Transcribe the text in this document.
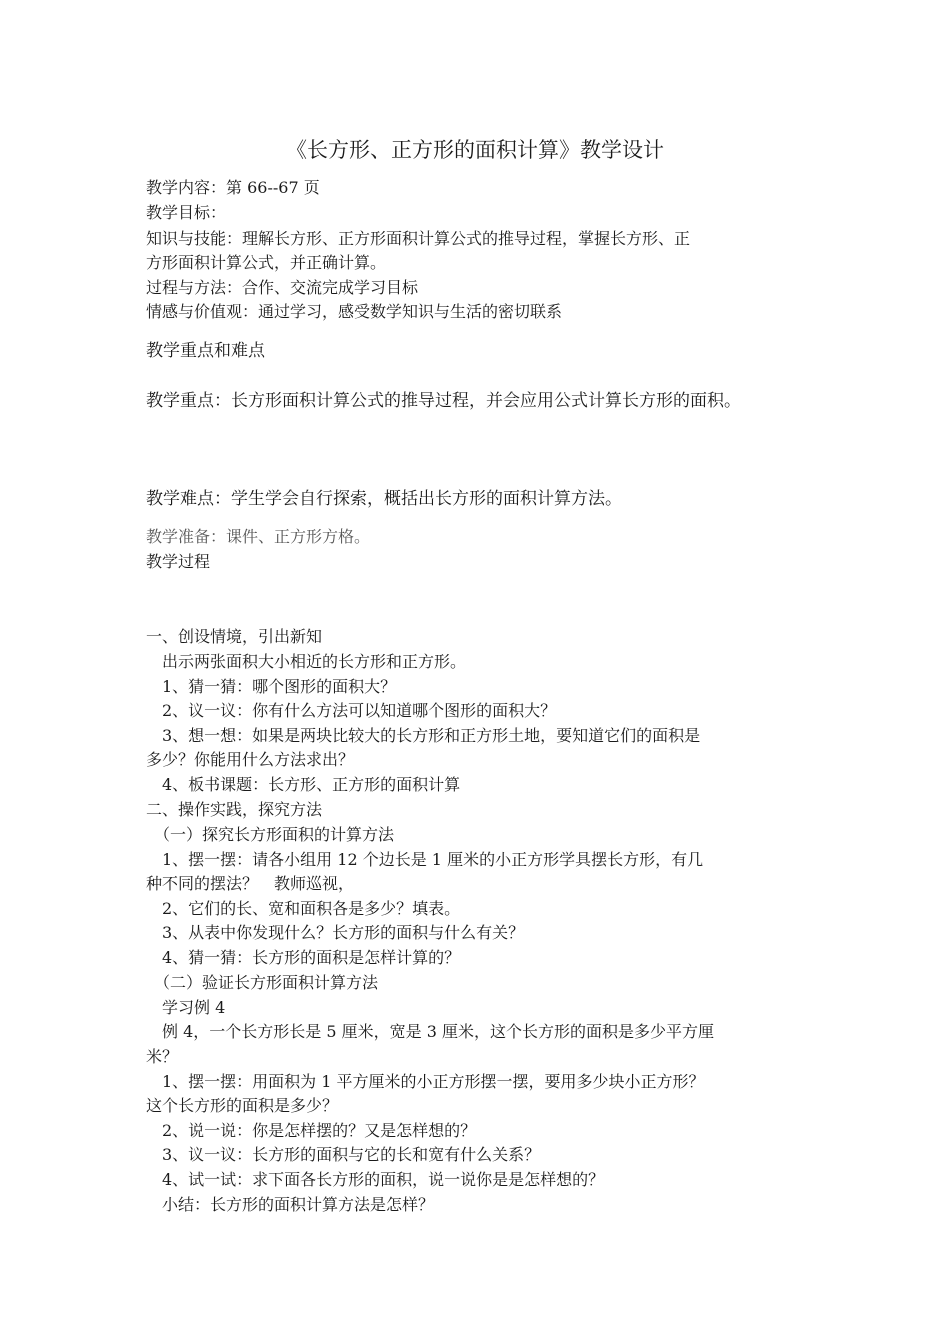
《长方形、正方形的面积计算》教学设计
教学内容：第 66--67 页
教学目标：
知识与技能：理解长方形、正方形面积计算公式的推导过程，掌握长方形、正
方形面积计算公式，并正确计算。
过程与方法：合作、交流完成学习目标
情感与价值观：通过学习，感受数学知识与生活的密切联系
教学重点和难点
教学重点：长方形面积计算公式的推导过程，并会应用公式计算长方形的面积。
教学难点：学生学会自行探索，概括出长方形的面积计算方法。
教学准备：课件、正方形方格。
教学过程
一、创设情境，引出新知
　出示两张面积大小相近的长方形和正方形。
　1、猜一猜：哪个图形的面积大？
　2、议一议：你有什么方法可以知道哪个图形的面积大？
　3、想一想：如果是两块比较大的长方形和正方形土地，要知道它们的面积是
多少？你能用什么方法求出？
　4、板书课题：长方形、正方形的面积计算
二、操作实践，探究方法
　（一）探究长方形面积的计算方法
　1、摆一摆：请各小组用 12 个边长是 1 厘米的小正方形学具摆长方形，有几
种不同的摆法？　教师巡视，
　2、它们的长、宽和面积各是多少？填表。
　3、从表中你发现什么？长方形的面积与什么有关？
　4、猜一猜：长方形的面积是怎样计算的？
　（二）验证长方形面积计算方法
　学习例 4
　例 4，一个长方形长是 5 厘米，宽是 3 厘米，这个长方形的面积是多少平方厘
米？
　1、摆一摆：用面积为 1 平方厘米的小正方形摆一摆，要用多少块小正方形？
这个长方形的面积是多少？
　2、说一说：你是怎样摆的？又是怎样想的？
　3、议一议：长方形的面积与它的长和宽有什么关系？
　4、试一试：求下面各长方形的面积，说一说你是是怎样想的？
　小结：长方形的面积计算方法是怎样？
